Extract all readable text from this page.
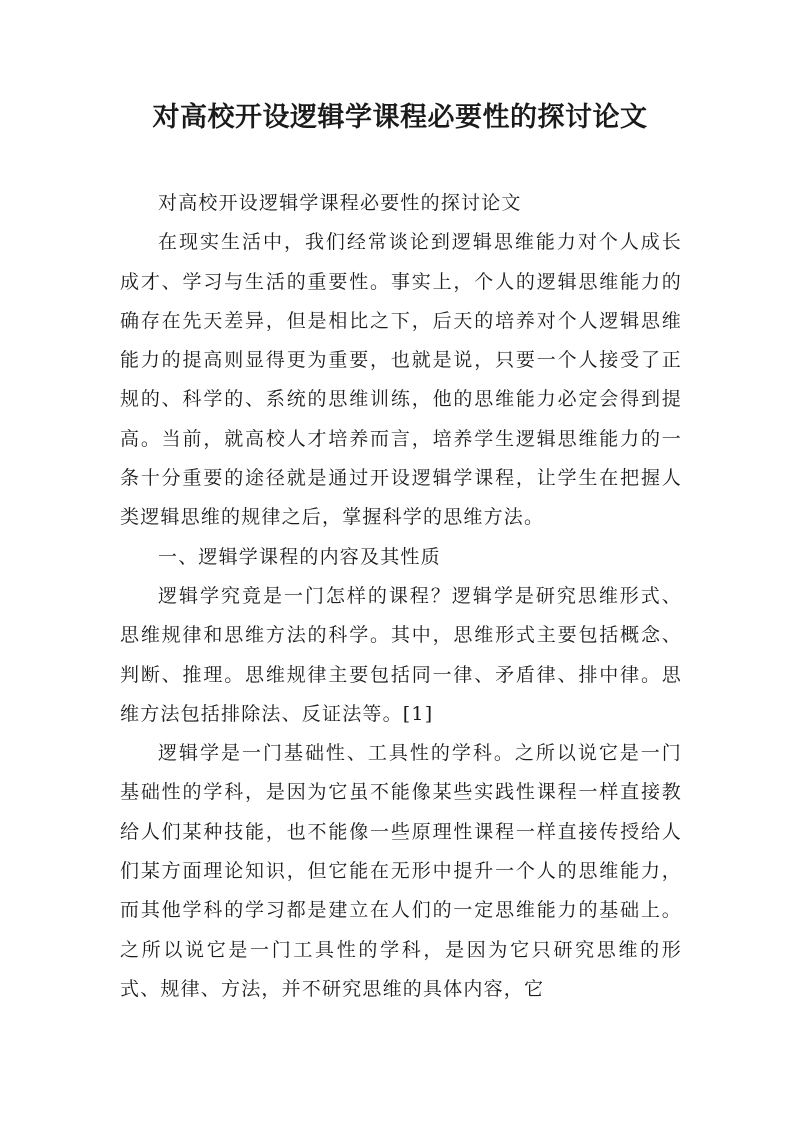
对高校开设逻辑学课程必要性的探讨论文

对高校开设逻辑学课程必要性的探讨论文

在现实生活中，我们经常谈论到逻辑思维能力对个人成长成才、学习与生活的重要性。事实上，个人的逻辑思维能力的确存在先天差异，但是相比之下，后天的培养对个人逻辑思维能力的提高则显得更为重要，也就是说，只要一个人接受了正规的、科学的、系统的思维训练，他的思维能力必定会得到提高。当前，就高校人才培养而言，培养学生逻辑思维能力的一条十分重要的途径就是通过开设逻辑学课程，让学生在把握人类逻辑思维的规律之后，掌握科学的思维方法。

一、逻辑学课程的内容及其性质

逻辑学究竟是一门怎样的课程？逻辑学是研究思维形式、思维规律和思维方法的科学。其中，思维形式主要包括概念、判断、推理。思维规律主要包括同一律、矛盾律、排中律。思维方法包括排除法、反证法等。[1]

逻辑学是一门基础性、工具性的学科。之所以说它是一门基础性的学科，是因为它虽不能像某些实践性课程一样直接教给人们某种技能，也不能像一些原理性课程一样直接传授给人们某方面理论知识，但它能在无形中提升一个人的思维能力，而其他学科的学习都是建立在人们的一定思维能力的基础上。之所以说它是一门工具性的学科，是因为它只研究思维的形式、规律、方法，并不研究思维的具体内容，它
